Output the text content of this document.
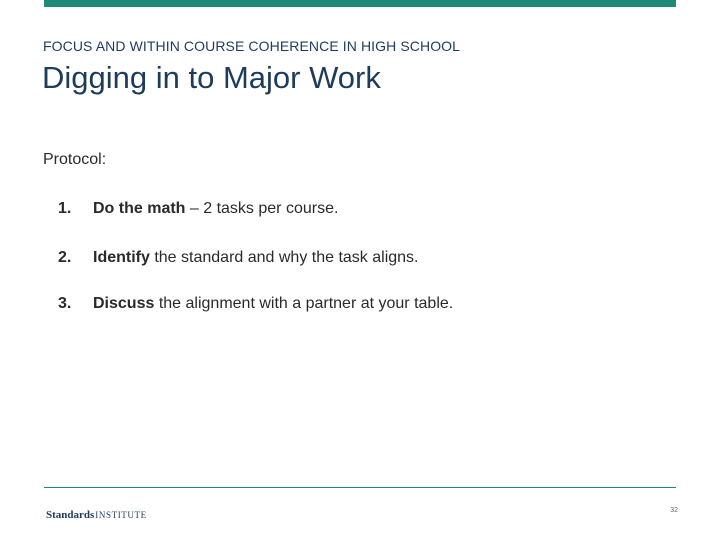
FOCUS AND WITHIN COURSE COHERENCE IN HIGH SCHOOL
Digging in to Major Work
Protocol:
1. Do the math – 2 tasks per course.
2. Identify the standard and why the task aligns.
3. Discuss the alignment with a partner at your table.
StandardsINSTITUTE	32
